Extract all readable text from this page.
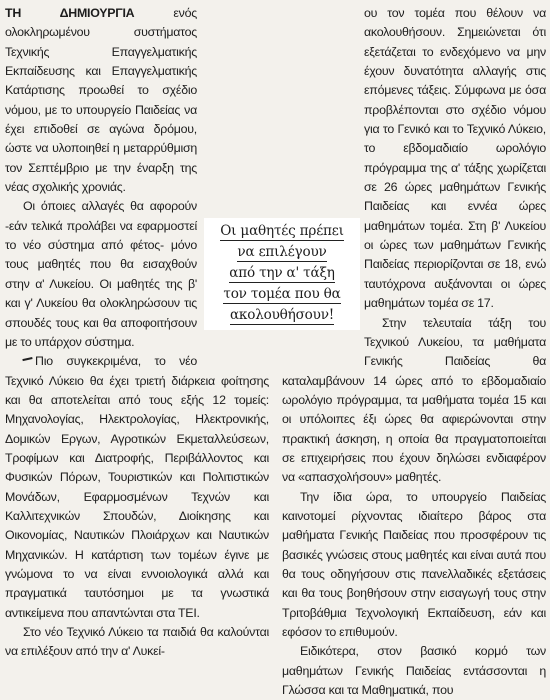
ΤΗ ΔΗΜΙΟΥΡΓΙΑ	ενός ολοκληρωμένου συστήματος Τεχνικής Επαγγελματικής Εκπαίδευσης και Επαγγελματικής Κατάρτισης προωθεί το σχέδιο νόμου, με το υπουργείο Παιδείας να έχει επιδοθεί σε αγώνα δρόμου, ώστε να υλοποιηθεί η μεταρρύθμιση τον Σεπτέμβριο με την έναρξη της νέας σχολικής χρονιάς.

Οι όποιες αλλαγές θα αφορούν -εάν τελικά προλάβει να εφαρμοστεί το νέο σύστημα από φέτος- μόνο τους μαθητές που θα εισαχθούν στην α' Λυκείου. Οι μαθητές της β' και γ' Λυκείου θα ολοκληρώσουν τις σπουδές τους και θα αποφοιτήσουν με το υπάρχον σύστημα.

Πιο συγκεκριμένα, το νέο Τεχνικό Λύκειο θα έχει τριετή διάρκεια φοίτησης και θα αποτελείται από τους εξής 12 τομείς: Μηχανολογίας, Ηλεκτρολογίας, Ηλεκτρονικής, Δομικών Εργων, Αγροτικών Εκμεταλλεύσεων, Τροφίμων και Διατροφής, Περιβάλλοντος και Φυσικών Πόρων, Τουριστικών και Πολιτιστικών Μονάδων, Εφαρμοσμένων Τεχνών και Καλλιτεχνικών Σπουδών, Διοίκησης και Οικονομίας, Ναυτικών Πλοιάρχων και Ναυτικών Μηχανικών. Η κατάρτιση των τομέων έγινε με γνώμονα το να είναι εννοιολογικά αλλά και πραγματικά ταυτόσημοι με τα γνωστικά αντικείμενα που απαντώνται στα ΤΕΙ.

Στο νέο Τεχνικό Λύκειο τα παιδιά θα καλούνται να επιλέξουν από την α' Λυκεί-

ου τον τομέα που θέλουν να ακολουθήσουν. Σημειώνεται ότι εξετάζεται το ενδεχόμενο να μην έχουν δυνατότητα αλλαγής στις επόμενες τάξεις. Σύμφωνα με όσα προβλέπονται στο σχέδιο νόμου για το Γενικό και το Τεχνικό Λύκειο, το εβδομαδιαίο ωρολόγιο πρόγραμμα της α' τάξης χωρίζεται σε 26 ώρες μαθημάτων Γενικής Παιδείας και εννέα ώρες μαθημάτων τομέα. Στη β' Λυκείου οι ώρες των μαθημάτων Γενικής Παιδείας περιορίζονται σε 18, ενώ ταυτόχρονα αυξάνονται οι ώρες μαθημάτων τομέα σε 17.

Στην τελευταία τάξη του Τεχνικού Λυκείου, τα μαθήματα Γενικής Παιδείας θα καταλαμβάνουν 14 ώρες από το εβδομαδιαίο ωρολόγιο πρόγραμμα, τα μαθήματα τομέα 15 και οι υπόλοιπες έξι ώρες θα αφιερώνονται στην πρακτική άσκηση, η οποία θα πραγματοποιείται σε επιχειρήσεις που έχουν δηλώσει ενδιαφέρον να «απασχολήσουν» μαθητές.

Την ίδια ώρα, το υπουργείο Παιδείας καινοτομεί ρίχνοντας ιδιαίτερο βάρος στα μαθήματα Γενικής Παιδείας που προσφέρουν τις βασικές γνώσεις στους μαθητές και είναι αυτά που θα τους οδηγήσουν στις πανελλαδικές εξετάσεις και θα τους βοηθήσουν στην εισαγωγή τους στην Τριτοβάθμια Τεχνολογική Εκπαίδευση, εάν και εφόσον το επιθυμούν.

Ειδικότερα, στον βασικό κορμό των μαθημάτων Γενικής Παιδείας εντάσσονται η Γλώσσα και τα Μαθηματικά, που

Οι μαθητές πρέπει
να επιλέγουν
από την α' τάξη
τον τομέα που θα
ακολουθήσουν!
